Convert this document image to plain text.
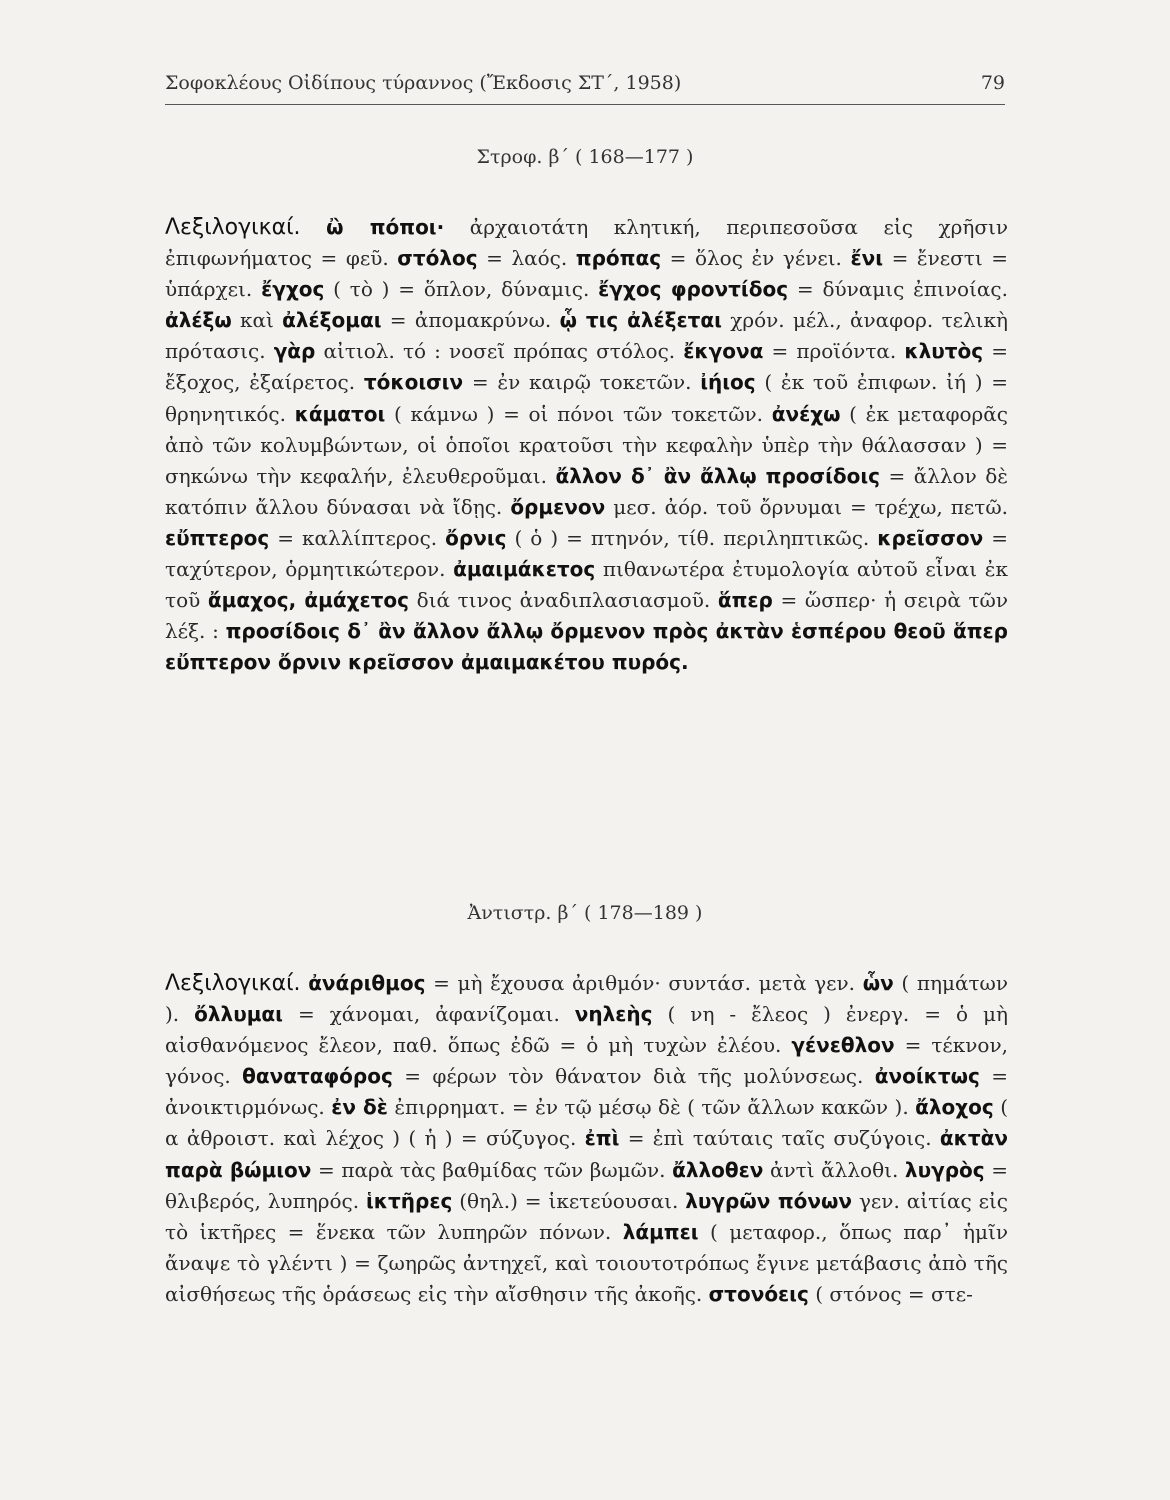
Σοφοκλέους Οἰδίπους τύραννος (Ἔκδοσις ΣΤ΄, 1958)	79
Στροφ. β΄ ( 168—177 )
Λεξιλογικαί. ὢ πόποι· ἀρχαιοτάτη κλητική, περιπεσοῦσα εἰς χρῆσιν ἐπιφωνήματος = φεῦ. στόλος = λαός. πρόπας = ὅλος ἐν γένει. ἔνι = ἔνεστι = ὑπάρχει. ἔγχος ( τὸ ) = ὅπλον, δύναμις. ἔγχος φροντίδος = δύναμις ἐπινοίας. ἀλέξω καὶ ἀλέξομαι = ἀπομακρύνω. ᾧ τις ἀλέξεται χρόν. μέλ., ἀναφορ. τελικὴ πρότασις. γὰρ αἰτιολ. τό : νοσεῖ πρόπας στόλος. ἔκγονα = προϊόντα. κλυτὸς = ἔξοχος, ἐξαίρετος. τόκοισιν = ἐν καιρῷ τοκετῶν. ἰήιος ( ἐκ τοῦ ἐπιφων. ἰή ) = θρηνητικός. κάματοι ( κάμνω ) = οἱ πόνοι τῶν τοκετῶν. ἀνέχω ( ἐκ μεταφορᾶς ἀπὸ τῶν κολυμβώντων, οἱ ὁποῖοι κρατοῦσι τὴν κεφαλὴν ὑπὲρ τὴν θάλασσαν ) = σηκώνω τὴν κεφαλήν, ἐλευθεροῦμαι. ἄλλον δ᾽ ἂν ἄλλῳ προσίδοις = ἄλλον δὲ κατόπιν ἄλλου δύνασαι νὰ ἴδῃς. ὄρμενον μεσ. ἀόρ. τοῦ ὄρνυμαι = τρέχω, πετῶ. εὔπτερος = καλλίπτερος. ὄρνις ( ὁ ) = πτηνόν, τίθ. περιληπτικῶς. κρεῖσσον = ταχύτερον, ὁρμητικώτερον. ἀμαιμάκετος πιθανωτέρα ἐτυμολογία αὐτοῦ εἶναι ἐκ τοῦ ἄμαχος, ἀμάχετος διά τινος ἀναδιπλασιασμοῦ. ἅπερ = ὥσπερ· ἡ σειρὰ τῶν λέξ. : προσίδοις δ᾽ ἂν ἄλλον ἄλλῳ ὄρμενον πρὸς ἀκτὰν ἑσπέρου θεοῦ ἅπερ εὔπτερον ὄρνιν κρεῖσσον ἀμαιμακέτου πυρός.
Ἀντιστρ. β΄ ( 178—189 )
Λεξιλογικαί. ἀνάριθμος = μὴ ἔχουσα ἀριθμόν· συντάσ. μετὰ γεν. ὧν ( πημάτων ). ὄλλυμαι = χάνομαι, ἀφανίζομαι. νηλεὴς ( νη - ἔλεος ) ἐνεργ. = ὁ μὴ αἰσθανόμενος ἔλεον, παθ. ὅπως ἐδῶ = ὁ μὴ τυχὼν ἐλέου. γένεθλον = τέκνον, γόνος. θαναταφόρος = φέρων τὸν θάνατον διὰ τῆς μολύνσεως. ἀνοίκτως = ἀνοικτιρμόνως. ἐν δὲ ἐπιρρηματ. = ἐν τῷ μέσῳ δὲ ( τῶν ἄλλων κακῶν ). ἄλοχος ( α ἀθροιστ. καὶ λέχος ) ( ἡ ) = σύζυγος. ἐπὶ = ἐπὶ ταύταις ταῖς συζύγοις. ἀκτὰν παρὰ βώμιον = παρὰ τὰς βαθμίδας τῶν βωμῶν. ἄλλοθεν ἀντὶ ἄλλοθι. λυγρὸς = θλιβερός, λυπηρός. ἱκτῆρες (θηλ.) = ἱκετεύουσαι. λυγρῶν πόνων γεν. αἰτίας εἰς τὸ ἱκτῆρες = ἕνεκα τῶν λυπηρῶν πόνων. λάμπει ( μεταφορ., ὅπως παρ᾽ ἡμῖν ἄναψε τὸ γλέντι ) = ζωηρῶς ἀντηχεῖ, καὶ τοιουτοτρόπως ἔγινε μετάβασις ἀπὸ τῆς αἰσθήσεως τῆς ὁράσεως εἰς τὴν αἴσθησιν τῆς ἀκοῆς. στονόεις ( στόνος = στε-
